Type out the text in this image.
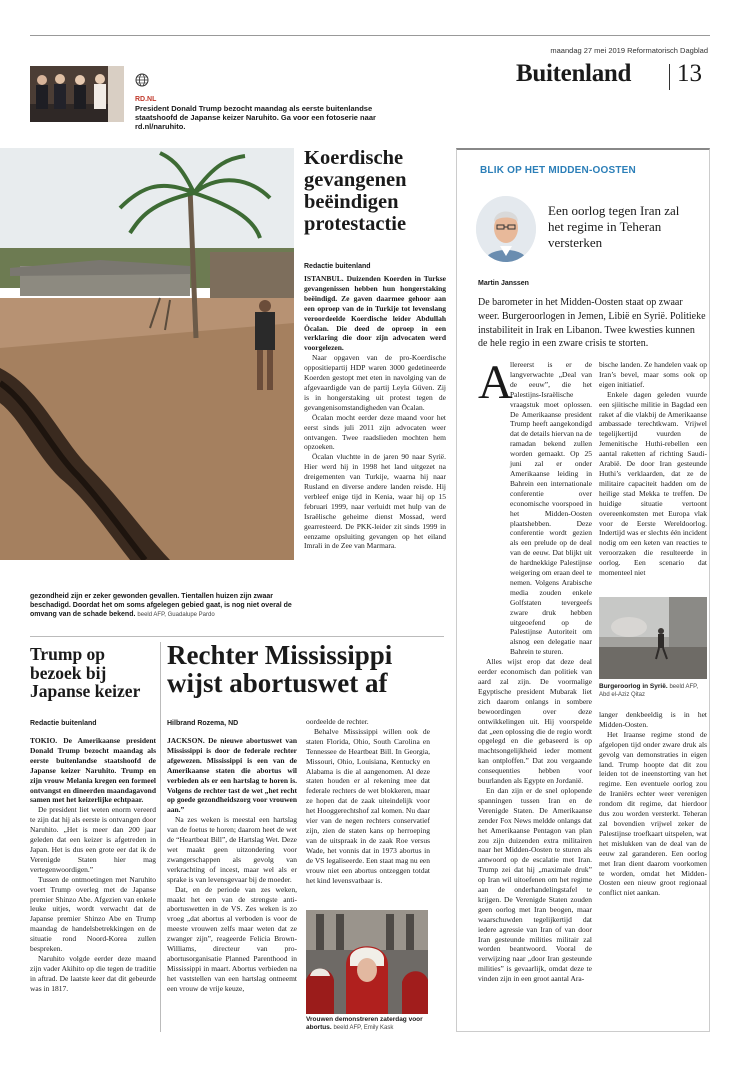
maandag 27 mei 2019 Reformatorisch Dagblad
Buitenland 13
RD.NL
President Donald Trump bezocht maandag als eerste buitenlandse staatshoofd de Japanse keizer Naruhito. Ga voor een fotoserie naar rd.nl/naruhito.
gezondheid zijn er zeker gewonden gevallen. Tientallen huizen zijn zwaar beschadigd. Doordat het om soms afgelegen gebied gaat, is nog niet overal de omvang van de schade bekend. beeld AFP, Guadalupe Pardo
Koerdische gevangenen beëindigen protestactie
Redactie buitenland

ISTANBUL. Duizenden Koerden in Turkse gevangenissen hebben hun hongerstaking beëindigd. Ze gaven daarmee gehoor aan een oproep van de in Turkije tot levenslang veroordeelde Koerdische leider Abdullah Öcalan. Die deed de oproep in een verklaring die door zijn advocaten werd voorgelezen.

Naar opgaven van de pro-Koerdische oppositiepartij HDP waren 3000 gedetineerde Koerden gestopt met eten in navolging van de afgevaardigde van de partij Leyla Güven. Zij is in hongerstaking uit protest tegen de gevangenisomstandigheden van Öcalan.

Öcalan mocht eerder deze maand voor het eerst sinds juli 2011 zijn advocaten weer ontvangen. Twee raadslieden mochten hem opzoeken.

Öcalan vluchtte in de jaren 90 naar Syrië. Hier werd hij in 1998 het land uitgezet na dreigementen van Turkije, waarna hij naar Rusland en diverse andere landen reisde. Hij verbleef enige tijd in Kenia, waar hij op 15 februari 1999, naar verluidt met hulp van de Israëlische geheime dienst Mossad, werd gearresteerd. De PKK-leider zit sinds 1999 in eenzame opsluiting gevangen op het eiland Imrali in de Zee van Marmara.

Trump op bezoek bij Japanse keizer
Redactie buitenland

TOKIO. De Amerikaanse president Donald Trump bezocht maandag als eerste buitenlandse staatshoofd de Japanse keizer Naruhito. Trump en zijn vrouw Melania kregen een formeel ontvangst en dineerden maandagavond samen met het keizerlijke echtpaar.

De president liet weten enorm vereerd te zijn dat hij als eerste is ontvangen door Naruhito. „Het is meer dan 200 jaar geleden dat een keizer is afgetreden in Japan. Het is dus een grote eer dat ik de Verenigde Staten hier mag vertegenwoordigen.”

Tussen de ontmoetingen met Naruhito voert Trump overleg met de Japanse premier Shinzo Abe. Afgezien van enkele leuke uitjes, wordt verwacht dat de Japanse premier Shinzo Abe en Trump maandag de handelsbetrekkingen en de situatie rond Noord-Korea zullen bespreken.

Naruhito volgde eerder deze maand zijn vader Akihito op die tegen de traditie in aftrad. De laatste keer dat dit gebeurde was in 1817.

Rechter Mississippi wijst abortuswet af
Hilbrand Rozema, ND

JACKSON. De nieuwe abortuswet van Mississippi is door de federale rechter afgewezen. Mississippi is een van de Amerikaanse staten die abortus wil verbieden als er een hartslag te horen is. Volgens de rechter tast de wet „het recht op goede gezondheidszorg voor vrouwen aan.”

Na zes weken is meestal een hartslag van de foetus te horen; daarom heet de wet de “Heartbeat Bill”, de Hartslag Wet. Deze wet maakt geen uitzondering voor zwangerschappen als gevolg van verkrachting of incest, maar wel als er sprake is van levensgevaar bij de moeder.

Dat, en de periode van zes weken, maakt het een van de strengste anti-abortuswetten in de VS. Zes weken is zo vroeg „dat abortus al verboden is voor de meeste vrouwen zelfs maar weten dat ze zwanger zijn”, reageerde Felicia Brown-Williams, directeur van pro-abortusorganisatie Planned Parenthood in Mississippi in maart. Abortus verbieden na het vaststellen van een hartslag ontneemt een vrouw de vrije keuze,

oordeelde de rechter.

Behalve Mississippi willen ook de staten Florida, Ohio, South Carolina en Tennessee de Heartbeat Bill. In Georgia, Missouri, Ohio, Louisiana, Kentucky en Alabama is die al aangenomen. Al deze staten houden er al rekening mee dat federale rechters de wet blokkeren, maar ze hopen dat de zaak uiteindelijk voor het Hooggerechtshof zal komen. Nu daar vier van de negen rechters conservatief zijn, zien de staten kans op herroeping van de uitspraak in de zaak Roe versus Wade, het vonnis dat in 1973 abortus in de VS legaliseerde. Een staat mag nu een vrouw niet een abortus ontzeggen totdat het kind levensvatbaar is.

Vrouwen demonstreren zaterdag voor abortus. beeld AFP, Emily Kask
BLIK OP HET MIDDEN-OOSTEN
Een oorlog tegen Iran zal het regime in Teheran versterken
Martin Janssen
De barometer in het Midden-Oosten staat op zwaar weer. Burgeroorlogen in Jemen, Libië en Syrië. Politieke instabiliteit in Irak en Libanon. Twee kwesties kunnen de hele regio in een zware crisis te storten.
A

llereerst is er de langverwachte „Deal van de eeuw”, die het Palestijns-Israëlische vraagstuk moet oplossen. De Amerikaanse president Trump heeft aangekondigd dat de details hiervan na de ramadan bekend zullen worden gemaakt. Op 25 juni zal er onder Amerikaanse leiding in Bahrein een internationale conferentie over economische voorspoed in het Midden-Oosten plaatshebben. Deze conferentie wordt gezien als een prelude op de deal van de eeuw. Dat blijkt uit de hardnekkige Palestijnse weigering om eraan deel te nemen. Volgens Arabische media zouden enkele Golfstaten tevergeefs zware druk hebben uitgeoefend op de Palestijnse Autoriteit om alsnog een delegatie naar Bahrein te sturen.

Alles wijst erop dat deze deal eerder economisch dan politiek van aard zal zijn. De voormalige Egyptische president Mubarak liet zich daarom onlangs in sombere bewoordingen over deze ontwikkelingen uit. Hij voorspelde dat „een oplossing die de regio wordt opgelegd en die gebaseerd is op machtsongelijkheid ieder moment kan ontploffen.” Dat zou vergaande consequenties hebben voor buurlanden als Egypte en Jordanië.

En dan zijn er de snel oplopende spanningen tussen Iran en de Verenigde Staten. De Amerikaanse zender Fox News meldde onlangs dat het Amerikaanse Pentagon van plan zou zijn duizenden extra militairen naar het Midden-Oosten te sturen als antwoord op de escalatie met Iran. Trump zei dat hij „maximale druk” op Iran wil uitoefenen om het regime aan de onderhandelingstafel te krijgen. De Verenigde Staten zouden geen oorlog met Iran beogen, maar waarschuwden tegelijkertijd dat iedere agressie van Iran of van door Iran gesteunde milities militair zal worden beantwoord. Vooral de verwijzing naar „door Iran gesteunde milities” is gevaarlijk, omdat deze te vinden zijn in een groot aantal Ara-

bische landen. Ze handelen vaak op Iran’s bevel, maar soms ook op eigen initiatief.

Enkele dagen geleden vuurde een sjiitische militie in Bagdad een raket af die vlakbij de Amerikaanse ambassade terechtkwam. Vrijwel tegelijkertijd vuurden de Jemenitische Huthi-rebellen een aantal raketten af richting Saudi-Arabië. De door Iran gesteunde Huthi’s verklaarden, dat ze de militaire capaciteit hadden om de heilige stad Mekka te treffen. De huidige situatie vertoont overeenkomsten met Europa vlak voor de Eerste Wereldoorlog. Indertijd was er slechts één incident nodig om een keten van reacties te veroorzaken die resulteerde in oorlog. Een scenario dat momenteel niet

Burgeroorlog in Syrië. beeld AFP, Abd el-Aziz Qitaz

langer denkbeeldig is in het Midden-Oosten.

Het Iraanse regime stond de afgelopen tijd onder zware druk als gevolg van demonstraties in eigen land. Trump hoopte dat dit zou leiden tot de ineenstorting van het regime. Een eventuele oorlog zou de Iraniërs echter weer verenigen rondom dit regime, dat hierdoor dus zou worden versterkt. Teheran zal bovendien vrijwel zeker de Palestijnse troefkaart uitspelen, wat het mislukken van de deal van de eeuw zal garanderen. Een oorlog met Iran dient daarom voorkomen te worden, omdat het Midden-Oosten een nieuw groot regionaal conflict niet aankan.
